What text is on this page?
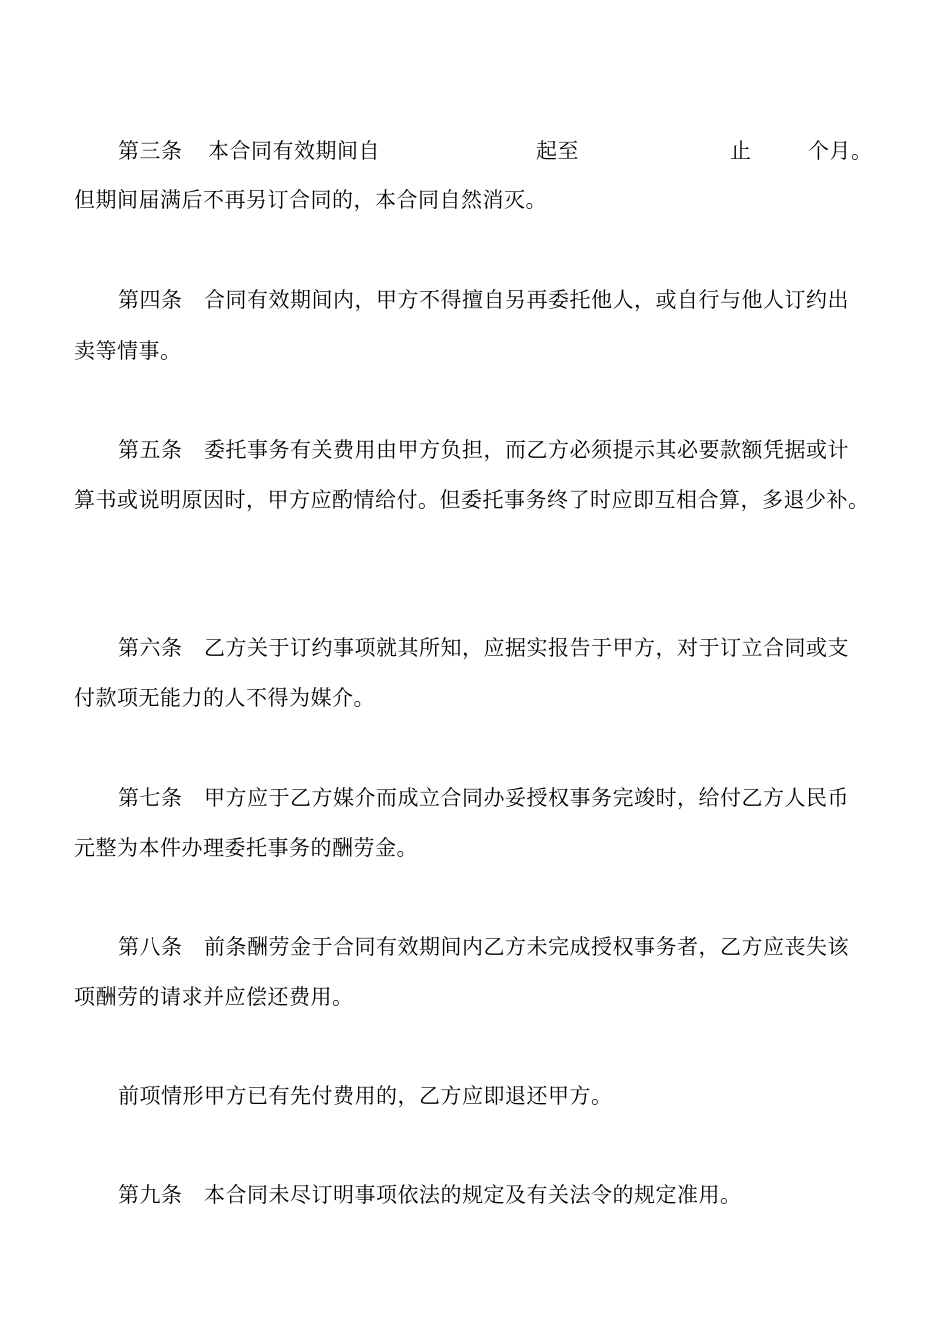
第三条

本合同有效期间自

	起至

	止

	个月。

但期间届满后不再另订合同的，本合同自然消灭。
第四条　合同有效期间内，甲方不得擅自另再委托他人，或自行与他人订约出
卖等情事。
第五条　委托事务有关费用由甲方负担，而乙方必须提示其必要款额凭据或计
算书或说明原因时，甲方应酌情给付。但委托事务终了时应即互相合算，多退少补。
第六条　乙方关于订约事项就其所知，应据实报告于甲方，对于订立合同或支
付款项无能力的人不得为媒介。
第七条　甲方应于乙方媒介而成立合同办妥授权事务完竣时，给付乙方人民币
元整为本件办理委托事务的酬劳金。
第八条　前条酬劳金于合同有效期间内乙方未完成授权事务者，乙方应丧失该
项酬劳的请求并应偿还费用。
前项情形甲方已有先付费用的，乙方应即退还甲方。
第九条　本合同未尽订明事项依法的规定及有关法令的规定准用。
